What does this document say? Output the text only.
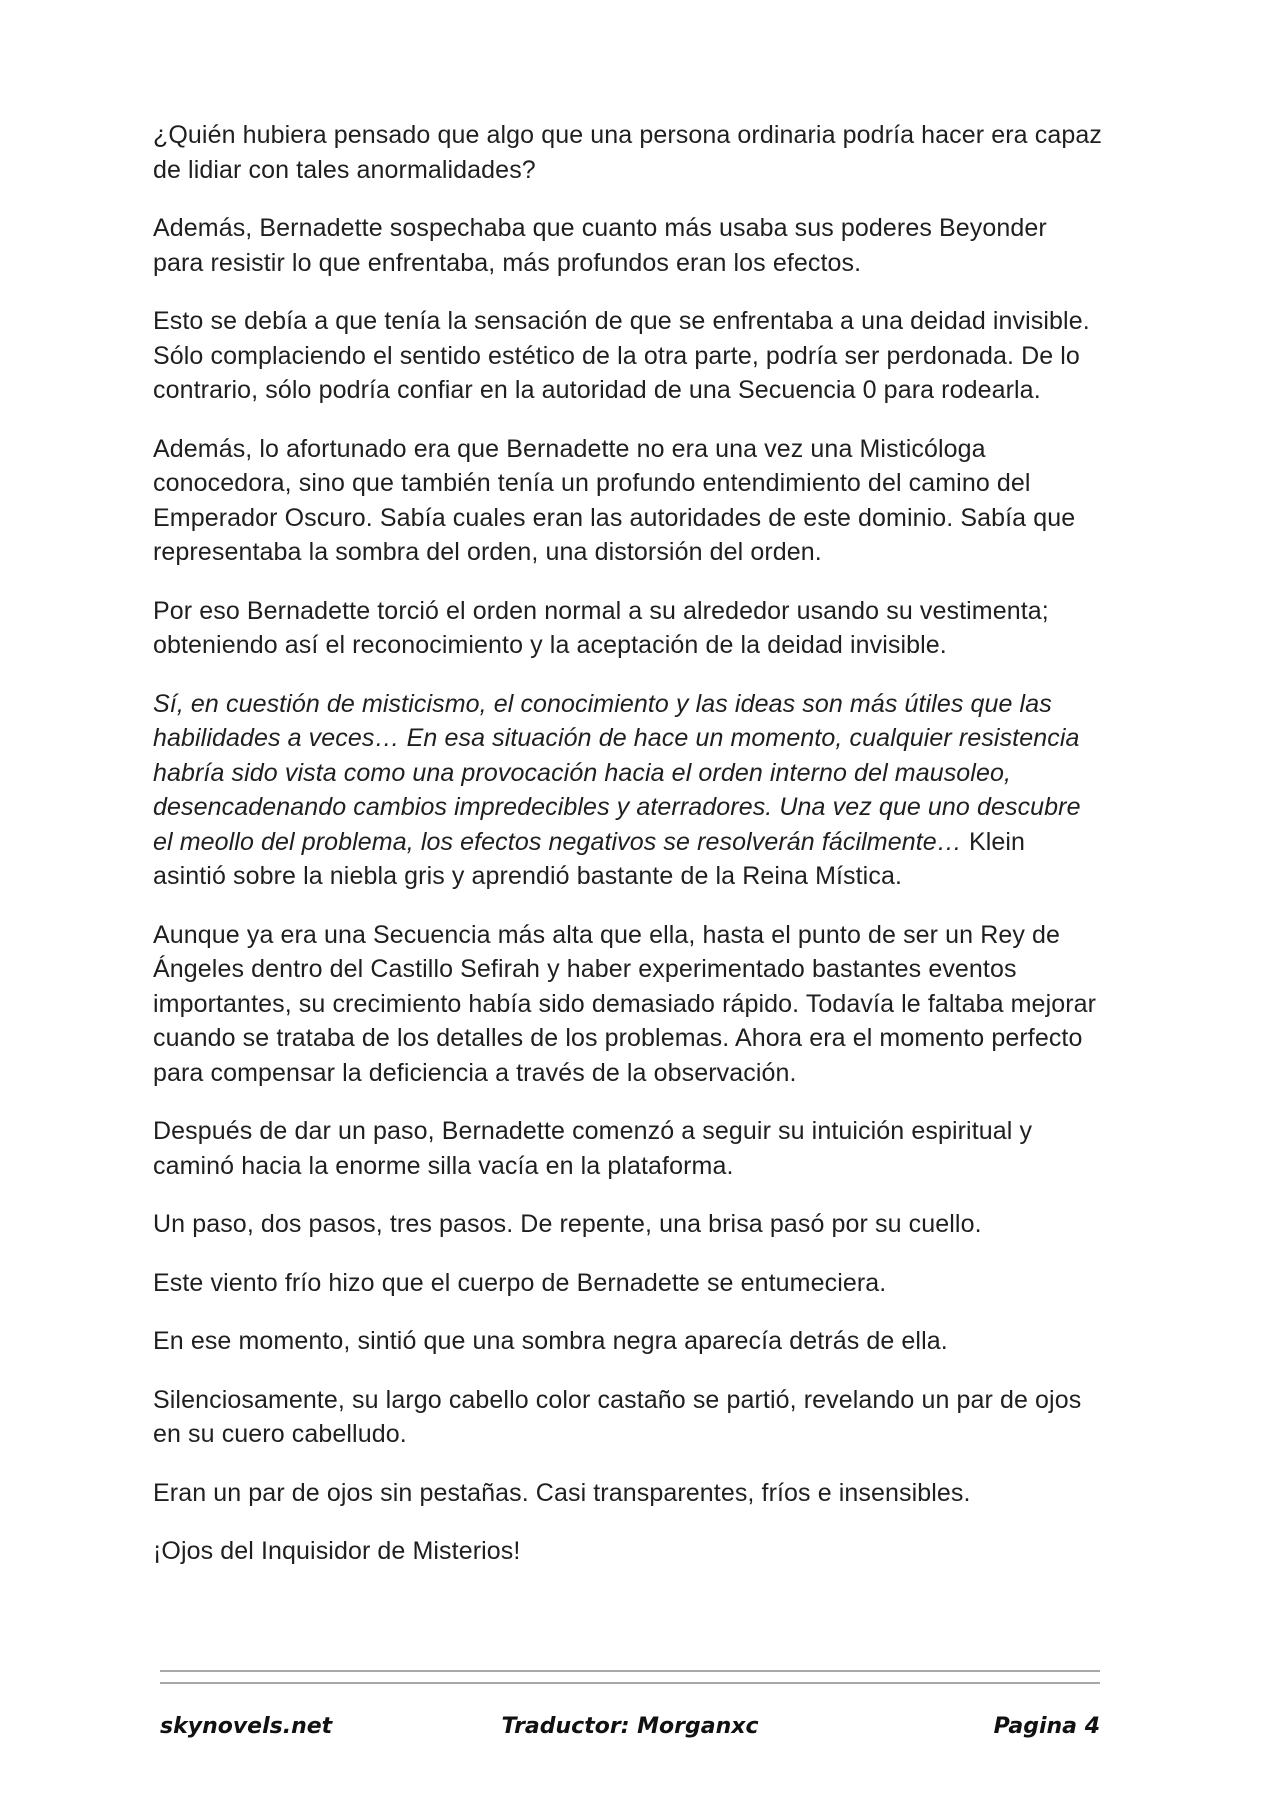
¿Quién hubiera pensado que algo que una persona ordinaria podría hacer era capaz de lidiar con tales anormalidades?

Además, Bernadette sospechaba que cuanto más usaba sus poderes Beyonder para resistir lo que enfrentaba, más profundos eran los efectos.

Esto se debía a que tenía la sensación de que se enfrentaba a una deidad invisible. Sólo complaciendo el sentido estético de la otra parte, podría ser perdonada. De lo contrario, sólo podría confiar en la autoridad de una Secuencia 0 para rodearla.

Además, lo afortunado era que Bernadette no era una vez una Misticóloga conocedora, sino que también tenía un profundo entendimiento del camino del Emperador Oscuro. Sabía cuales eran las autoridades de este dominio. Sabía que representaba la sombra del orden, una distorsión del orden.

Por eso Bernadette torció el orden normal a su alrededor usando su vestimenta; obteniendo así el reconocimiento y la aceptación de la deidad invisible.

Sí, en cuestión de misticismo, el conocimiento y las ideas son más útiles que las habilidades a veces… En esa situación de hace un momento, cualquier resistencia habría sido vista como una provocación hacia el orden interno del mausoleo, desencadenando cambios impredecibles y aterradores. Una vez que uno descubre el meollo del problema, los efectos negativos se resolverán fácilmente… Klein asintió sobre la niebla gris y aprendió bastante de la Reina Mística.

Aunque ya era una Secuencia más alta que ella, hasta el punto de ser un Rey de Ángeles dentro del Castillo Sefirah y haber experimentado bastantes eventos importantes, su crecimiento había sido demasiado rápido. Todavía le faltaba mejorar cuando se trataba de los detalles de los problemas. Ahora era el momento perfecto para compensar la deficiencia a través de la observación.

Después de dar un paso, Bernadette comenzó a seguir su intuición espiritual y caminó hacia la enorme silla vacía en la plataforma.

Un paso, dos pasos, tres pasos. De repente, una brisa pasó por su cuello.

Este viento frío hizo que el cuerpo de Bernadette se entumeciera.

En ese momento, sintió que una sombra negra aparecía detrás de ella.

Silenciosamente, su largo cabello color castaño se partió, revelando un par de ojos en su cuero cabelludo.

Eran un par de ojos sin pestañas. Casi transparentes, fríos e insensibles.

¡Ojos del Inquisidor de Misterios!

Traductor: Morganxc
skynovels.net	Pagina 4
